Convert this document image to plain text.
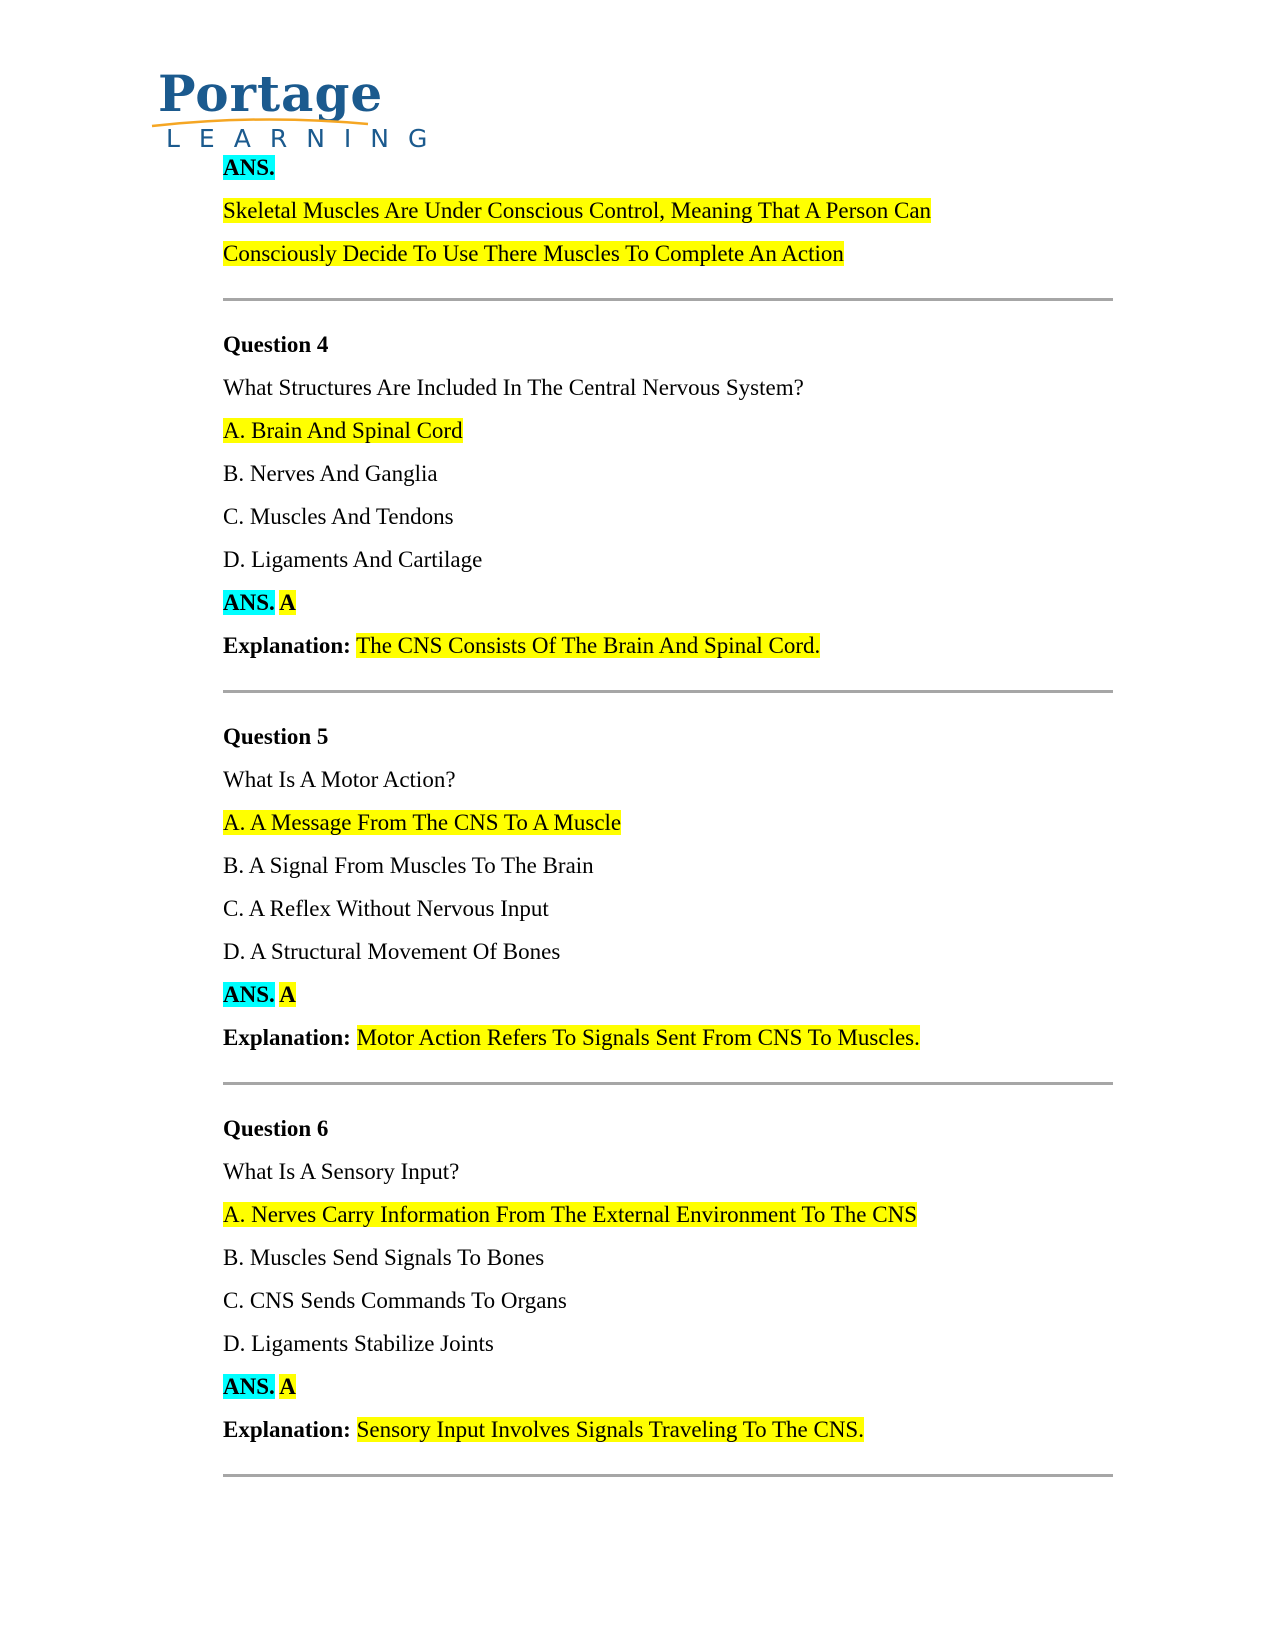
Portage
LEARNING
ANS.
Skeletal Muscles Are Under Conscious Control, Meaning That A Person Can
Consciously Decide To Use There Muscles To Complete An Action
Question 4
What Structures Are Included In The Central Nervous System?
A. Brain And Spinal Cord
B. Nerves And Ganglia
C. Muscles And Tendons
D. Ligaments And Cartilage
ANS. A
Explanation: The CNS Consists Of The Brain And Spinal Cord.
Question 5
What Is A Motor Action?
A. A Message From The CNS To A Muscle
B. A Signal From Muscles To The Brain
C. A Reflex Without Nervous Input
D. A Structural Movement Of Bones
ANS. A
Explanation: Motor Action Refers To Signals Sent From CNS To Muscles.
Question 6
What Is A Sensory Input?
A. Nerves Carry Information From The External Environment To The CNS
B. Muscles Send Signals To Bones
C. CNS Sends Commands To Organs
D. Ligaments Stabilize Joints
ANS. A
Explanation: Sensory Input Involves Signals Traveling To The CNS.
